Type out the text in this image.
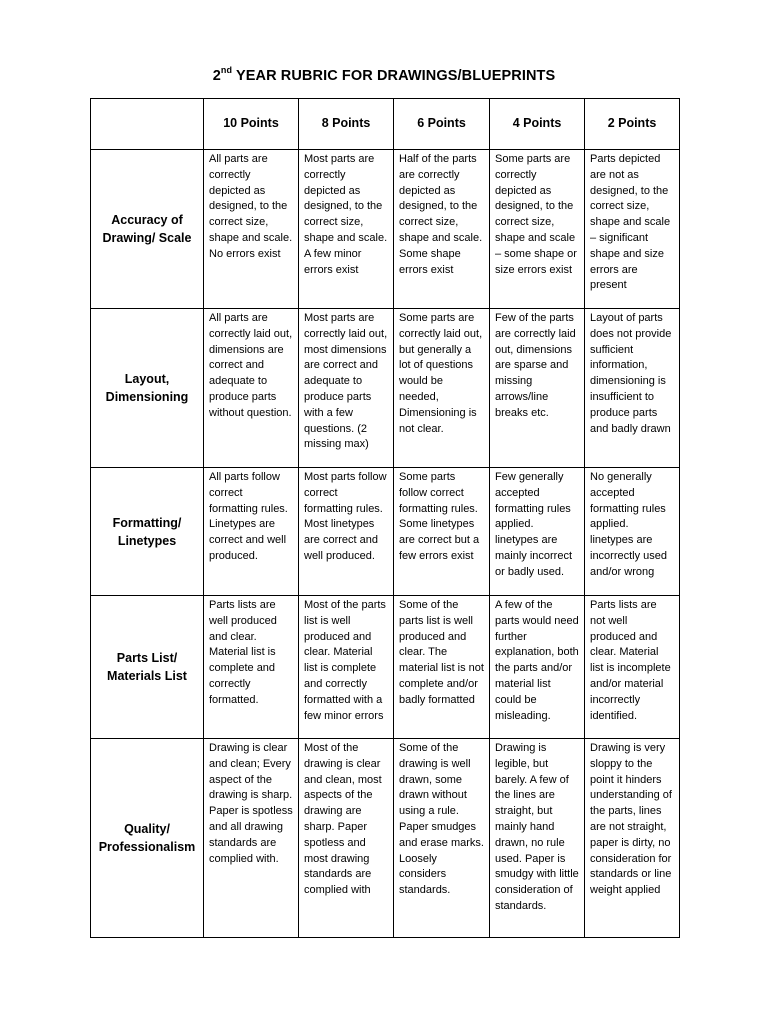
2nd YEAR RUBRIC FOR DRAWINGS/BLUEPRINTS
	10 Points	8 Points	6 Points	4 Points	2 Points
Accuracy of Drawing/ Scale	All parts are correctly depicted as designed, to the correct size, shape and scale. No errors exist	Most parts are correctly depicted as designed, to the correct size, shape and scale. A few minor errors exist	Half of the parts are correctly depicted as designed, to the correct size, shape and scale. Some shape errors exist	Some parts are correctly depicted as designed, to the correct size, shape and scale – some shape or size errors exist	Parts depicted are not as designed, to the correct size, shape and scale – significant shape and size errors are present
Layout, Dimensioning	All parts are correctly laid out, dimensions are correct and adequate to produce parts without question.	Most parts are correctly laid out, most dimensions are correct and adequate to produce parts with a few questions. (2 missing max)	Some parts are correctly laid out, but generally a lot of questions would be needed, Dimensioning is not clear.	Few of the parts are correctly laid out, dimensions are sparse and missing arrows/line breaks etc.	Layout of parts does not provide sufficient information, dimensioning is insufficient to produce parts and badly drawn
Formatting/ Linetypes	All parts follow correct formatting rules. Linetypes are correct and well produced.	Most parts follow correct formatting rules. Most linetypes are correct and well produced.	Some parts follow correct formatting rules. Some linetypes are correct but a few errors exist	Few generally accepted formatting rules applied. linetypes are mainly incorrect or badly used.	No generally accepted formatting rules applied. linetypes are incorrectly used and/or wrong
Parts List/ Materials List	Parts lists are well produced and clear. Material list is complete and correctly formatted.	Most of the parts list is well produced and clear. Material list is complete and correctly formatted with a few minor errors	Some of the parts list is well produced and clear. The material list is not complete and/or badly formatted	A few of the parts would need further explanation, both the parts and/or material list could be misleading.	Parts lists are not well produced and clear. Material list is incomplete and/or material incorrectly identified.
Quality/ Professionalism	Drawing is clear and clean; Every aspect of the drawing is sharp. Paper is spotless and all drawing standards are complied with.	Most of the drawing is clear and clean, most aspects of the drawing are sharp. Paper spotless and most drawing standards are complied with	Some of the drawing is well drawn, some drawn without using a rule. Paper smudges and erase marks. Loosely considers standards.	Drawing is legible, but barely. A few of the lines are straight, but mainly hand drawn, no rule used. Paper is smudgy with little consideration of standards.	Drawing is very sloppy to the point it hinders understanding of the parts, lines are not straight, paper is dirty, no consideration for standards or line weight applied
